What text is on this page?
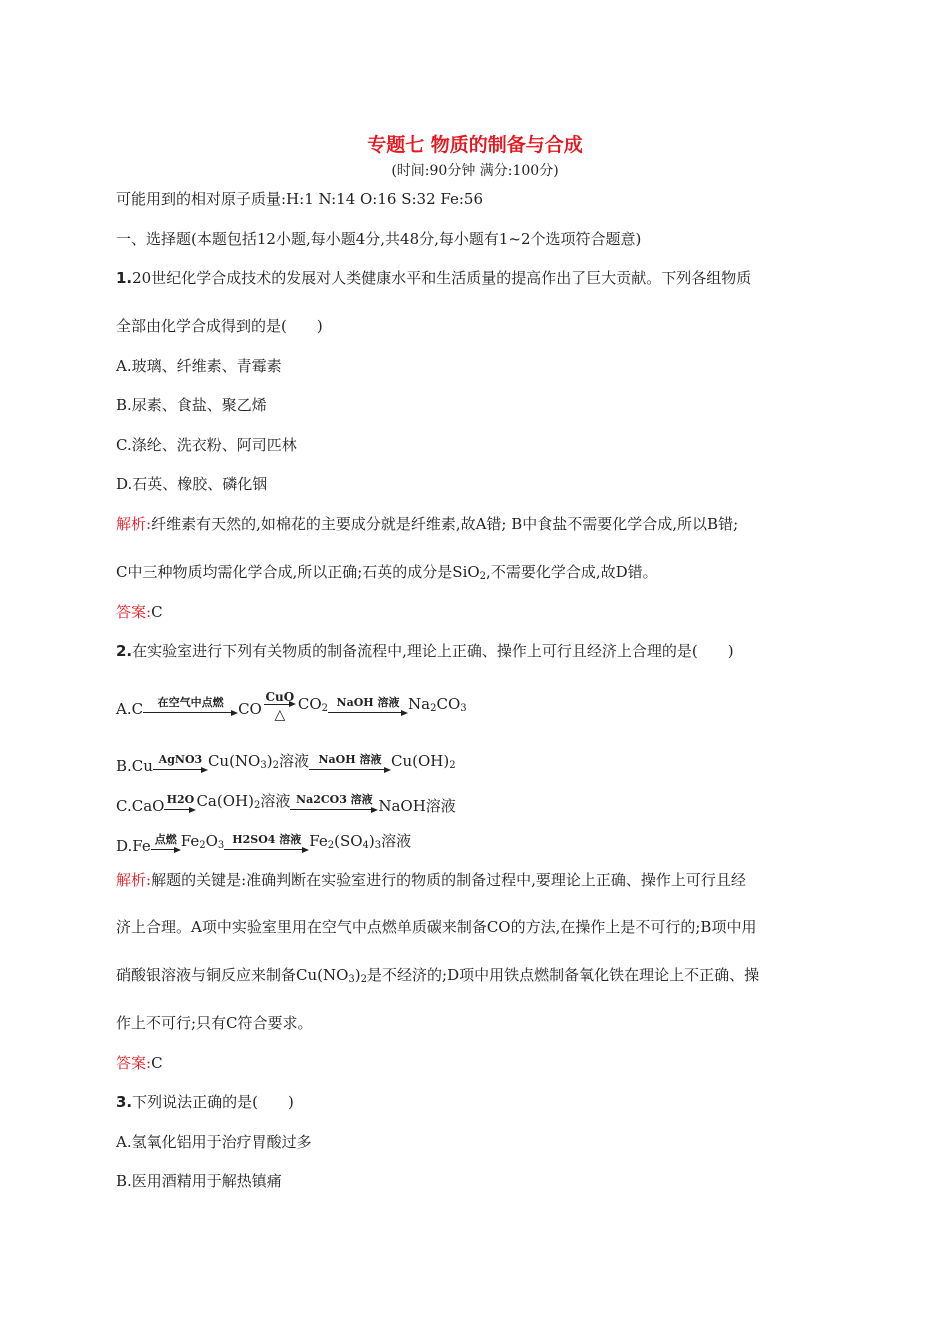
专题七 物质的制备与合成
(时间:90分钟 满分:100分)
可能用到的相对原子质量:H:1 N:14 O:16 S:32 Fe:56
一、选择题(本题包括12小题,每小题4分,共48分,每小题有1~2个选项符合题意)
1.20世纪化学合成技术的发展对人类健康水平和生活质量的提高作出了巨大贡献。下列各组物质
全部由化学合成得到的是( )
A.玻璃、纤维素、青霉素
B.尿素、食盐、聚乙烯
C.涤纶、洗衣粉、阿司匹林
D.石英、橡胶、磷化铟
解析:纤维素有天然的,如棉花的主要成分就是纤维素,故A错; B中食盐不需要化学合成,所以B错;
C中三种物质均需化学合成,所以正确;石英的成分是SiO$_2$,不需要化学合成,故D错。
答案:C
2.在实验室进行下列有关物质的制备流程中,理论上正确、操作上可行且经济上合理的是( )
A.C	在空气中点燃 CO
CuO
△
$CO_2$ NaOH 溶液 $Na_2CO_3$
B.Cu AgNO3 $Cu(NO_3)_2$溶液 NaOH 溶液 $Cu(OH)_2$
C.CaO H2O $Ca(OH)_2$溶液 Na2CO3 溶液 NaOH溶液
D.Fe 点燃 $Fe_2O_3$ H2SO4 溶液 $Fe_2(SO_4)_3$溶液
解析:解题的关键是:准确判断在实验室进行的物质的制备过程中,要理论上正确、操作上可行且经
济上合理。A项中实验室里用在空气中点燃单质碳来制备CO的方法,在操作上是不可行的;B项中用
硝酸银溶液与铜反应来制备$Cu(NO_3)_2$是不经济的;D项中用铁点燃制备氧化铁在理论上不正确、操
作上不可行;只有C符合要求。
答案:C
3.下列说法正确的是( )
A.氢氧化铝用于治疗胃酸过多
B.医用酒精用于解热镇痛
